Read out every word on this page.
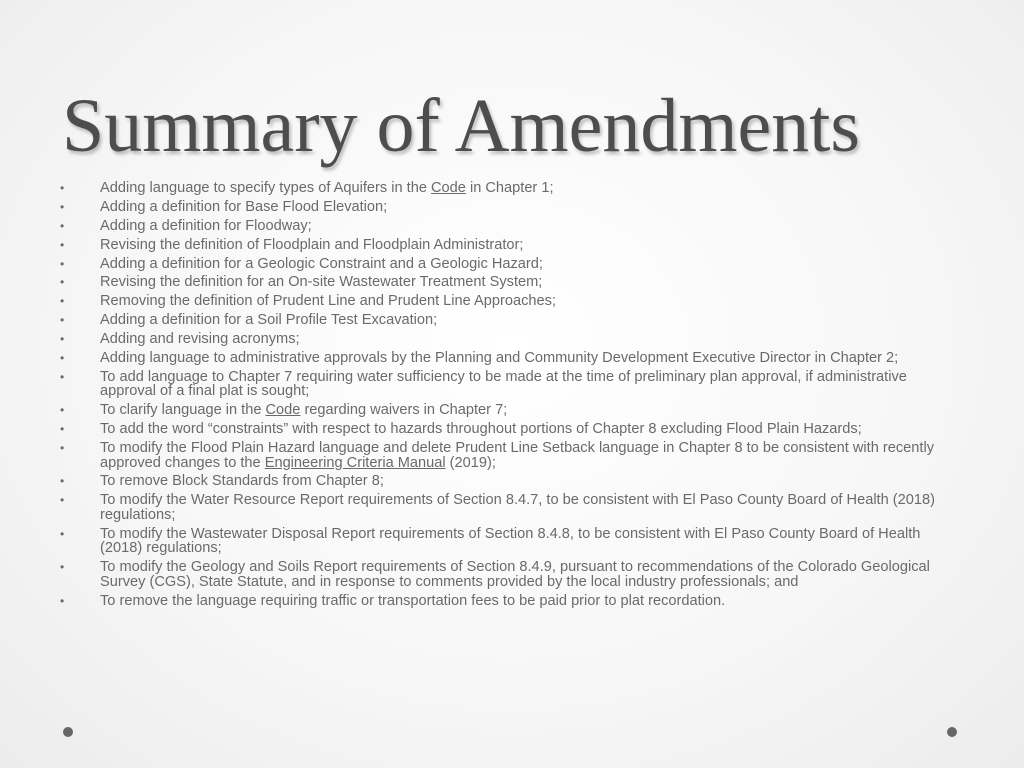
Summary of Amendments
• Adding language to specify types of Aquifers in the Code in Chapter 1;
• Adding a definition for Base Flood Elevation;
• Adding a definition for Floodway;
• Revising the definition of Floodplain and Floodplain Administrator;
• Adding a definition for a Geologic Constraint and a Geologic Hazard;
• Revising the definition for an On-site Wastewater Treatment System;
• Removing the definition of Prudent Line and Prudent Line Approaches;
• Adding a definition for a Soil Profile Test Excavation;
• Adding and revising acronyms;
• Adding language to administrative approvals by the Planning and Community Development Executive Director in Chapter 2;
• To add language to Chapter 7 requiring water sufficiency to be made at the time of preliminary plan approval, if administrative approval of a final plat is sought;
• To clarify language in the Code regarding waivers in Chapter 7;
• To add the word “constraints” with respect to hazards throughout portions of Chapter 8 excluding Flood Plain Hazards;
• To modify the Flood Plain Hazard language and delete Prudent Line Setback language in Chapter 8 to be consistent with recently approved changes to the Engineering Criteria Manual (2019);
• To remove Block Standards from Chapter 8;
• To modify the Water Resource Report requirements of Section 8.4.7, to be consistent with El Paso County Board of Health (2018) regulations;
• To modify the Wastewater Disposal Report requirements of Section 8.4.8, to be consistent with El Paso County Board of Health (2018) regulations;
• To modify the Geology and Soils Report requirements of Section 8.4.9, pursuant to recommendations of the Colorado Geological Survey (CGS), State Statute, and in response to comments provided by the local industry professionals; and
• To remove the language requiring traffic or transportation fees to be paid prior to plat recordation.
